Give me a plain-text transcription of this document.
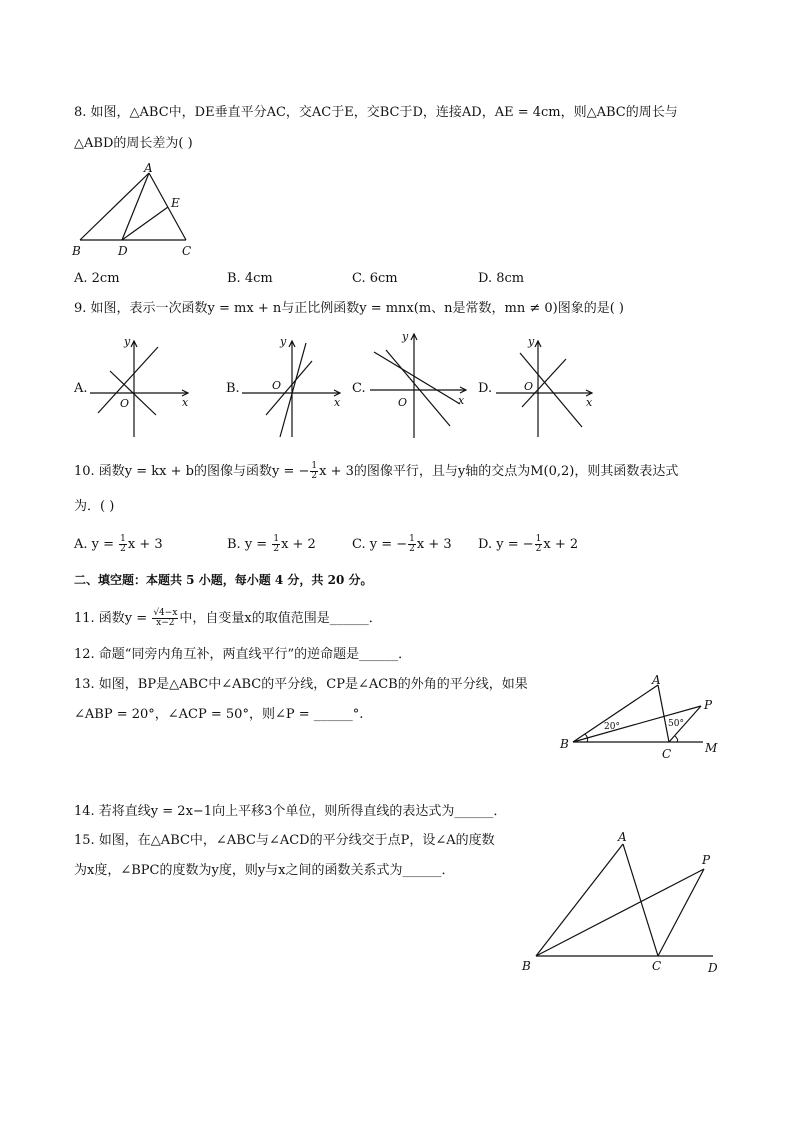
8. 如图，△ABC中，DE垂直平分AC，交AC于E，交BC于D，连接AD，AE = 4cm，则△ABC的周长与
△ABD的周长差为( )
A
E
B	D	C
A. 2cm	B. 4cm	C. 6cm	D. 8cm
9. 如图，表示一次函数y = mx + n与正比例函数y = mnx(m、n是常数，mn ≠ 0)图象的是( )
A.
y
x
O
B.
y
x
O	C.
y
x
O
D.
y
x
O
10. 函数y = kx + b的图像与函数y = − $\frac{1}{2}$ x + 3的图像平行，且与y轴的交点为M(0,2)，则其函数表达式
为．( )
A. $y = \frac{1}{2}$ x + 3	B. $y = \frac{1}{2}$ x + 2	C. y = − $\frac{1}{2}$ x + 3 D. y = − $\frac{1}{2}$ x + 2
二、填空题：本题共 5 小题，每小题 4 分，共 20 分。
11. 函数$y = \frac{√4-x}{x-2}$ 中，自变量x的取值范围是______．
12. 命题“同旁内角互补，两直线平行”的逆命题是______．
13. 如图，BP是△ABC中∠ABC的平分线，CP是∠ACB的外角的平分线，如果
∠ABP = 20°，∠ACP = 50°，则∠P = ______°.
A
P
B
C	M
20°	50°
14. 若将直线y = 2x−1向上平移3个单位，则所得直线的表达式为______．
15. 如图，在△ABC中，∠ABC与∠ACD的平分线交于点P，设∠A的度数
为x度，∠BPC的度数为y度，则y与x之间的函数关系式为______．
A
P
B	C	D
